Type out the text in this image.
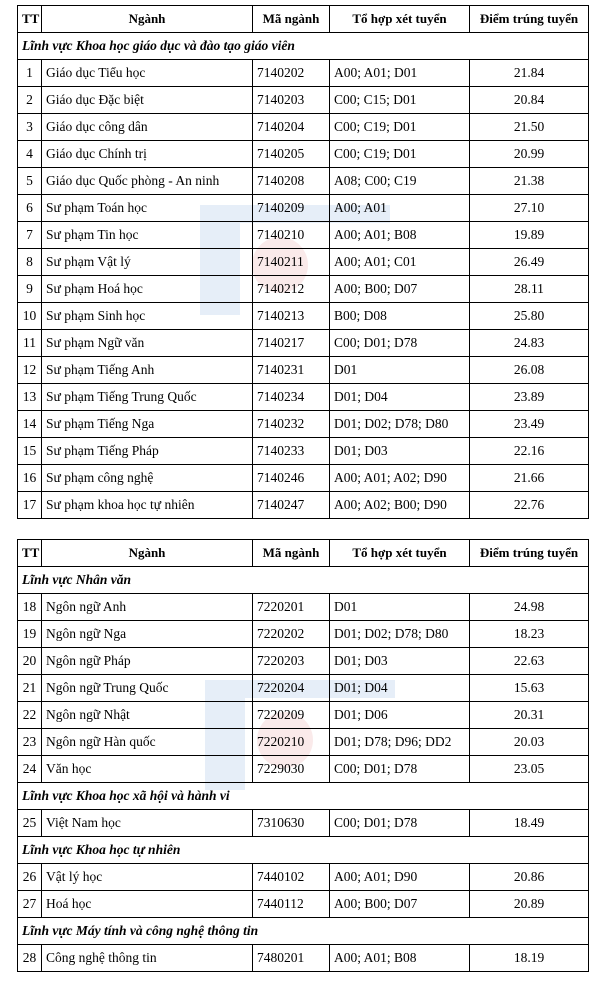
TT	Ngành	Mã ngành	Tổ hợp xét tuyển	Điểm trúng tuyển
Lĩnh vực Khoa học giáo dục và đào tạo giáo viên				
1	Giáo dục Tiểu học	7140202	A00; A01; D01	21.84
2	Giáo dục Đặc biệt	7140203	C00; C15; D01	20.84
3	Giáo dục công dân	7140204	C00; C19; D01	21.50
4	Giáo dục Chính trị	7140205	C00; C19; D01	20.99
5	Giáo dục Quốc phòng - An ninh	7140208	A08; C00; C19	21.38
6	Sư phạm Toán học	7140209	A00; A01	27.10
7	Sư phạm Tin học	7140210	A00; A01; B08	19.89
8	Sư phạm Vật lý	7140211	A00; A01; C01	26.49
9	Sư phạm Hoá học	7140212	A00; B00; D07	28.11
10	Sư phạm Sinh học	7140213	B00; D08	25.80
11	Sư phạm Ngữ văn	7140217	C00; D01; D78	24.83
12	Sư phạm Tiếng Anh	7140231	D01	26.08
13	Sư phạm Tiếng Trung Quốc	7140234	D01; D04	23.89
14	Sư phạm Tiếng Nga	7140232	D01; D02; D78; D80	23.49
15	Sư phạm Tiếng Pháp	7140233	D01; D03	22.16
16	Sư phạm công nghệ	7140246	A00; A01; A02; D90	21.66
17	Sư phạm khoa học tự nhiên	7140247	A00; A02; B00; D90	22.76
TT	Ngành	Mã ngành	Tổ hợp xét tuyển	Điểm trúng tuyển
Lĩnh vực Nhân văn				
18	Ngôn ngữ Anh	7220201	D01	24.98
19	Ngôn ngữ Nga	7220202	D01; D02; D78; D80	18.23
20	Ngôn ngữ Pháp	7220203	D01; D03	22.63
21	Ngôn ngữ Trung Quốc	7220204	D01; D04	15.63
22	Ngôn ngữ Nhật	7220209	D01; D06	20.31
23	Ngôn ngữ Hàn quốc	7220210	D01; D78; D96; DD2	20.03
24	Văn học	7229030	C00; D01; D78	23.05
Lĩnh vực Khoa học xã hội và hành vi				
25	Việt Nam học	7310630	C00; D01; D78	18.49
Lĩnh vực Khoa học tự nhiên				
26	Vật lý học	7440102	A00; A01; D90	20.86
27	Hoá học	7440112	A00; B00; D07	20.89
Lĩnh vực Máy tính và công nghệ thông tin				
28	Công nghệ thông tin	7480201	A00; A01; B08	18.19
